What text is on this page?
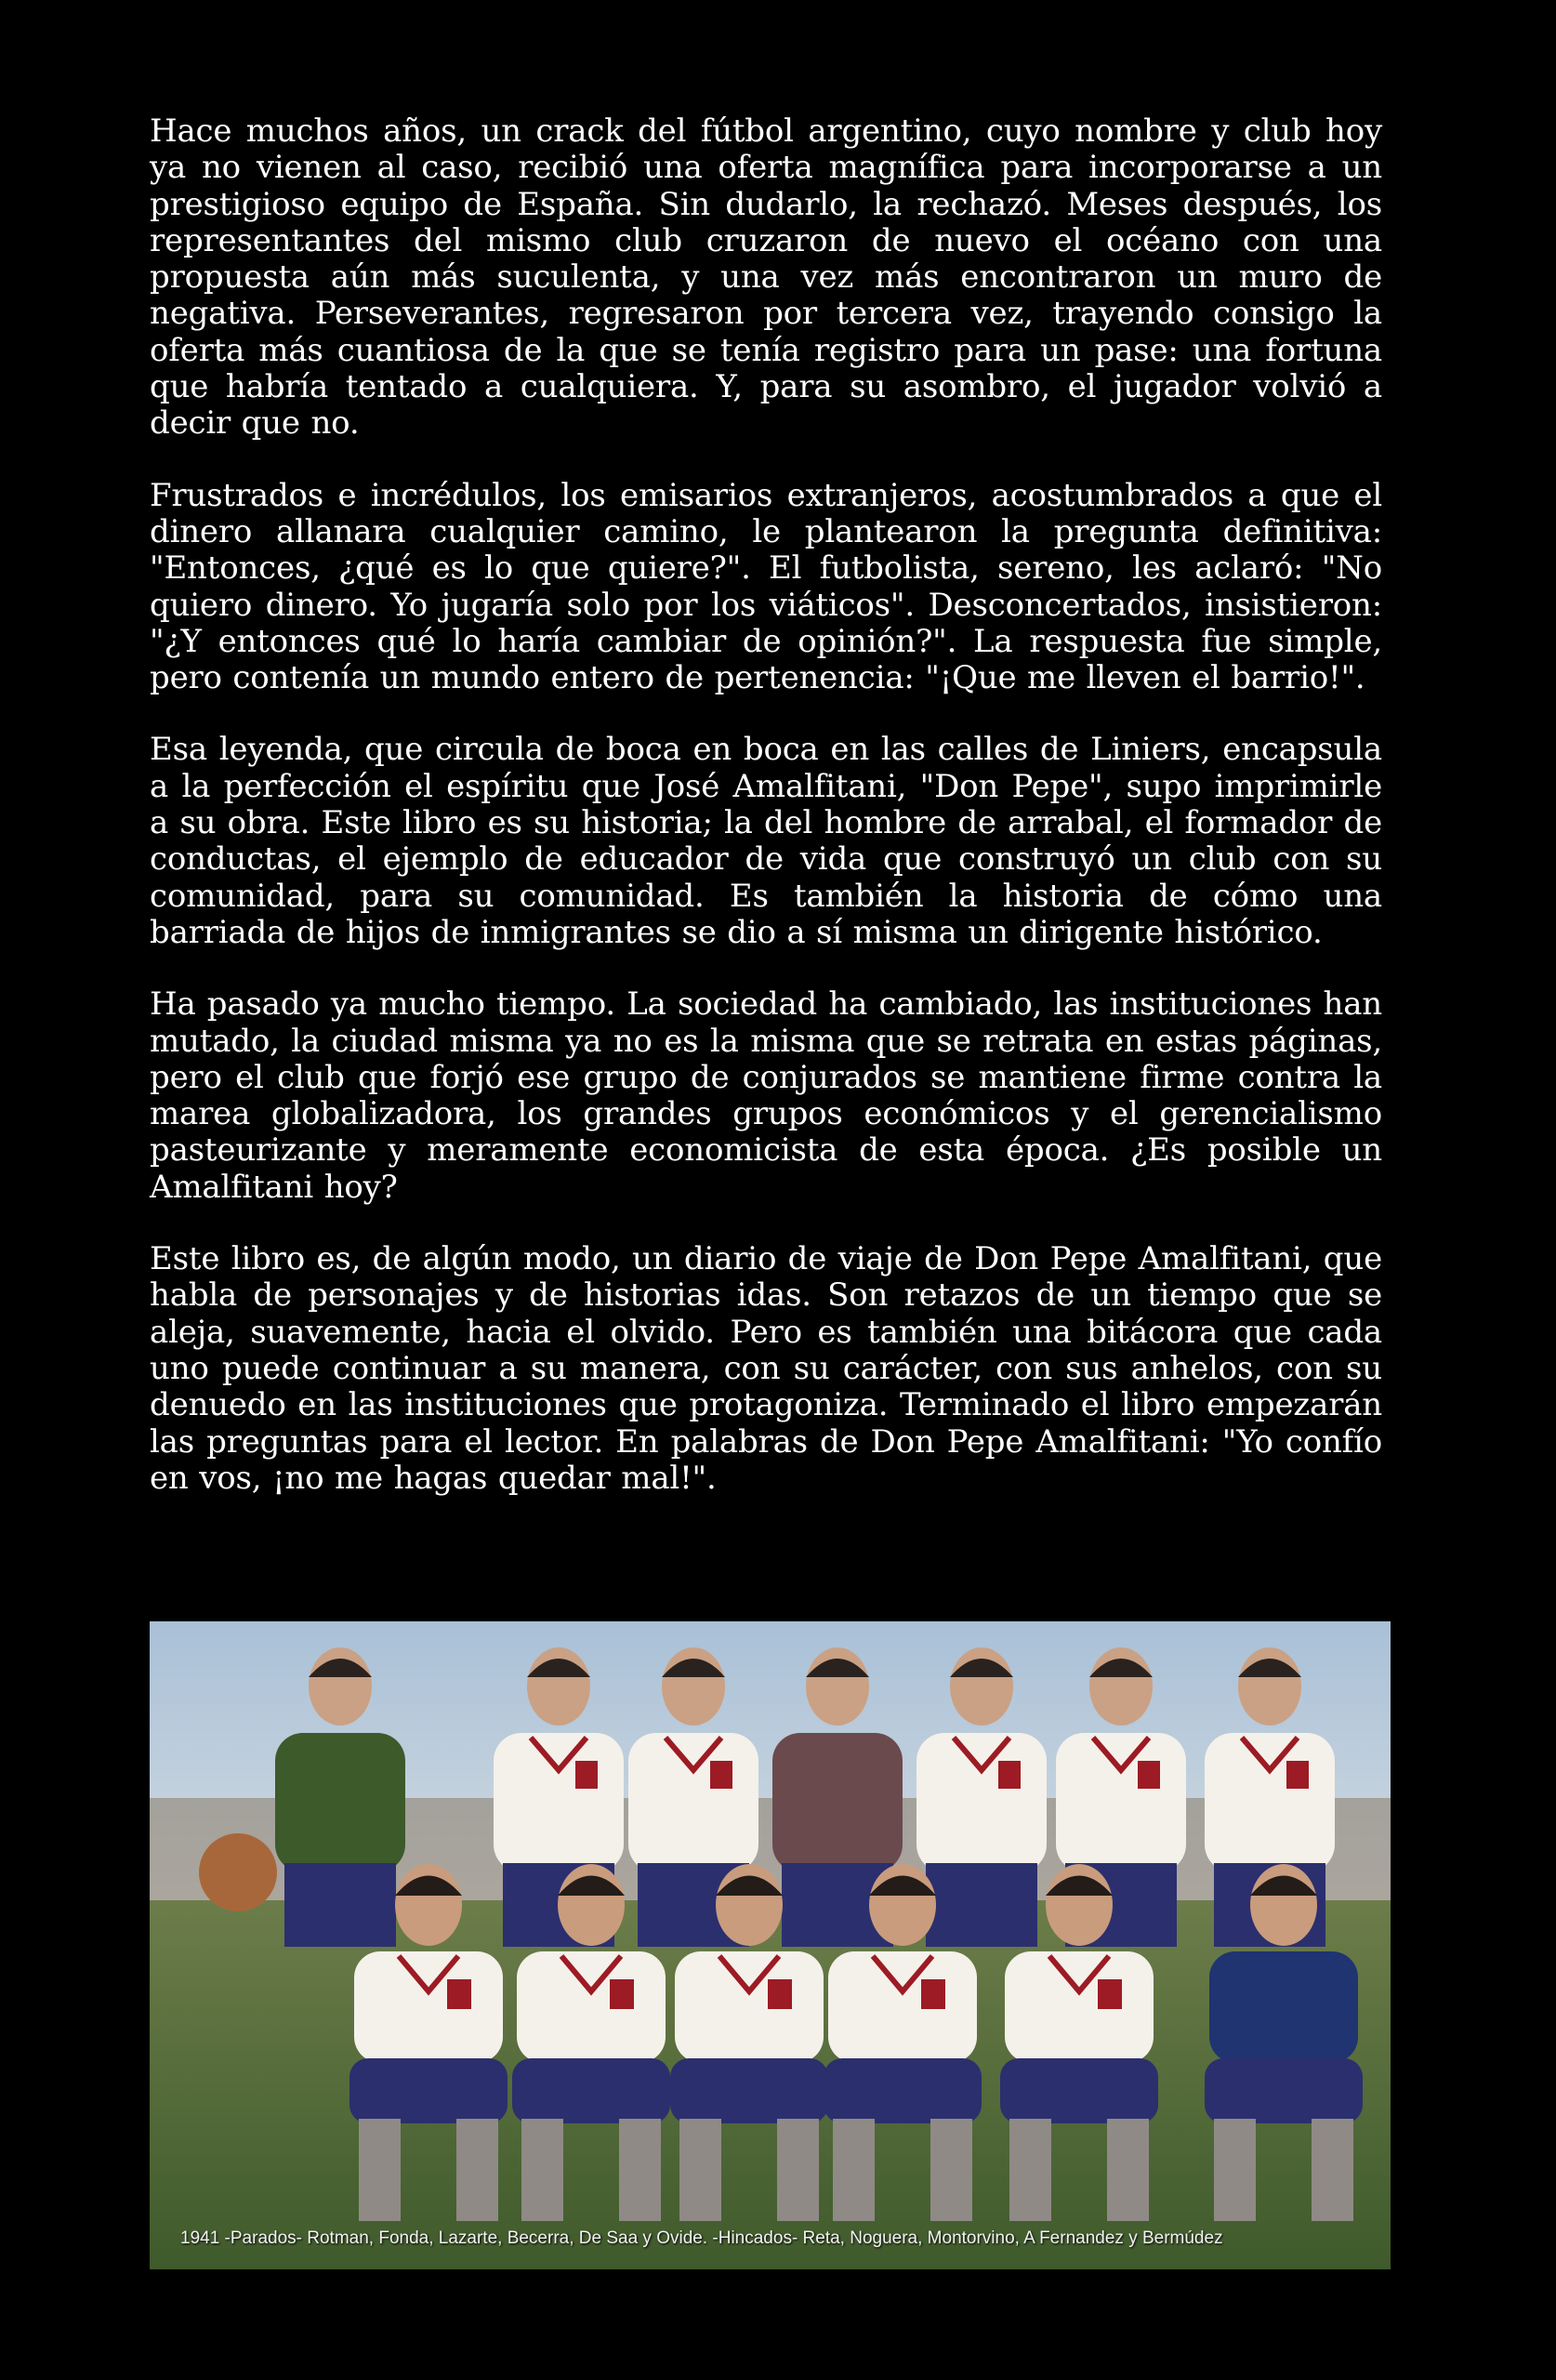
Hace muchos años, un crack del fútbol argentino, cuyo nombre y club hoy ya no vienen al caso, recibió una oferta magnífica para incorporarse a un prestigioso equipo de España. Sin dudarlo, la rechazó. Meses después, los representantes del mismo club cruzaron de nuevo el océano con una propuesta aún más suculenta, y una vez más encontraron un muro de negativa. Perseverantes, regresaron por tercera vez, trayendo consigo la oferta más cuantiosa de la que se tenía registro para un pase: una fortuna que habría tentado a cualquiera. Y, para su asombro, el jugador volvió a decir que no.

Frustrados e incrédulos, los emisarios extranjeros, acostumbrados a que el dinero allanara cualquier camino, le plantearon la pregunta definitiva: "Entonces, ¿qué es lo que quiere?". El futbolista, sereno, les aclaró: "No quiero dinero. Yo jugaría solo por los viáticos". Desconcertados, insistieron: "¿Y entonces qué lo haría cambiar de opinión?". La respuesta fue simple, pero contenía un mundo entero de pertenencia: "¡Que me lleven el barrio!".

Esa leyenda, que circula de boca en boca en las calles de Liniers, encapsula a la perfección el espíritu que José Amalfitani, "Don Pepe", supo imprimirle a su obra. Este libro es su historia; la del hombre de arrabal, el formador de conductas, el ejemplo de educador de vida que construyó un club con su comunidad, para su comunidad. Es también la historia de cómo una barriada de hijos de inmigrantes se dio a sí misma un dirigente histórico.

Ha pasado ya mucho tiempo. La sociedad ha cambiado, las instituciones han mutado, la ciudad misma ya no es la misma que se retrata en estas páginas, pero el club que forjó ese grupo de conjurados se mantiene firme contra la marea globalizadora, los grandes grupos económicos y el gerencialismo pasteurizante y meramente economicista de esta época. ¿Es posible un Amalfitani hoy?

Este libro es, de algún modo, un diario de viaje de Don Pepe Amalfitani, que habla de personajes y de historias idas. Son retazos de un tiempo que se aleja, suavemente, hacia el olvido. Pero es también una bitácora que cada uno puede continuar a su manera, con su carácter, con sus anhelos, con su denuedo en las instituciones que protagoniza. Terminado el libro empezarán las preguntas para el lector. En palabras de Don Pepe Amalfitani: "Yo confío en vos, ¡no me hagas quedar mal!".

1941 -Parados- Rotman, Fonda, Lazarte, Becerra, De Saa y Ovide. -Hincados- Reta, Noguera, Montorvino, A Fernandez y Bermúdez
